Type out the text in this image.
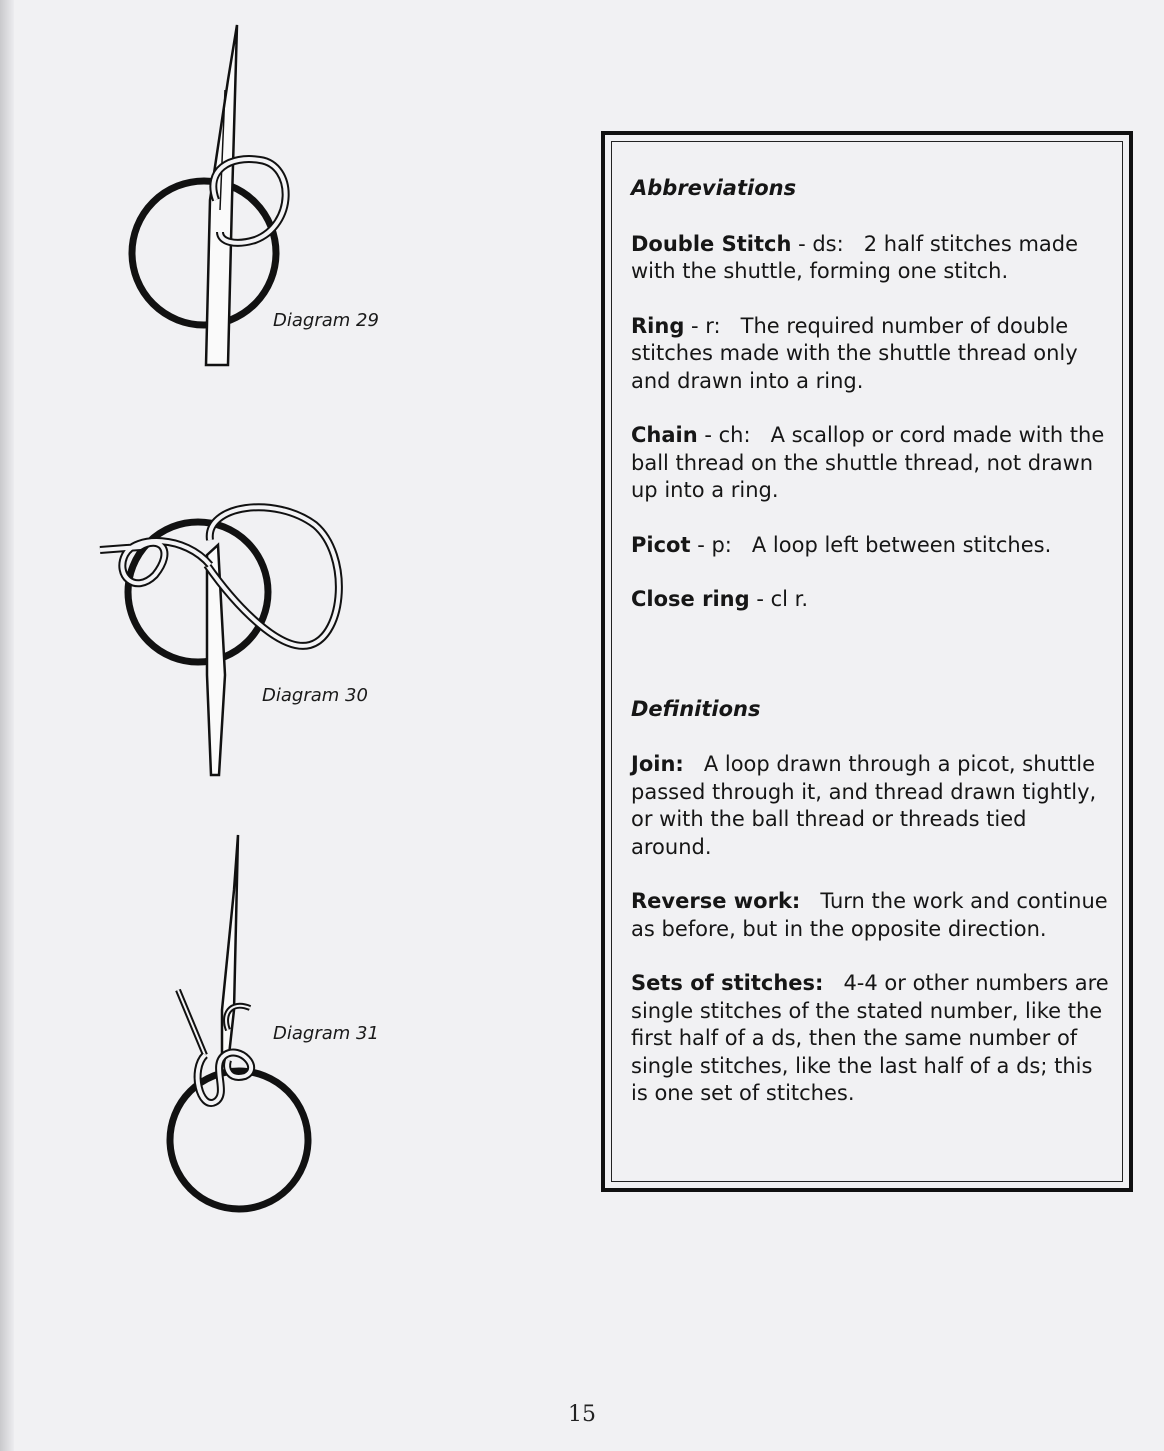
Diagram 29
Diagram 30
Diagram 31
Abbreviations
Double Stitch - ds: 2 half stitches made with the shuttle, forming one stitch.
Ring - r: The required number of double stitches made with the shuttle thread only and drawn into a ring.
Chain - ch: A scallop or cord made with the ball thread on the shuttle thread, not drawn up into a ring.
Picot - p: A loop left between stitches.
Close ring - cl r.
Definitions
Join: A loop drawn through a picot, shuttle passed through it, and thread drawn tightly, or with the ball thread or threads tied around.
Reverse work: Turn the work and continue as before, but in the opposite direction.
Sets of stitches: 4-4 or other numbers are single stitches of the stated number, like the first half of a ds, then the same number of single stitches, like the last half of a ds; this is one set of stitches.
15
